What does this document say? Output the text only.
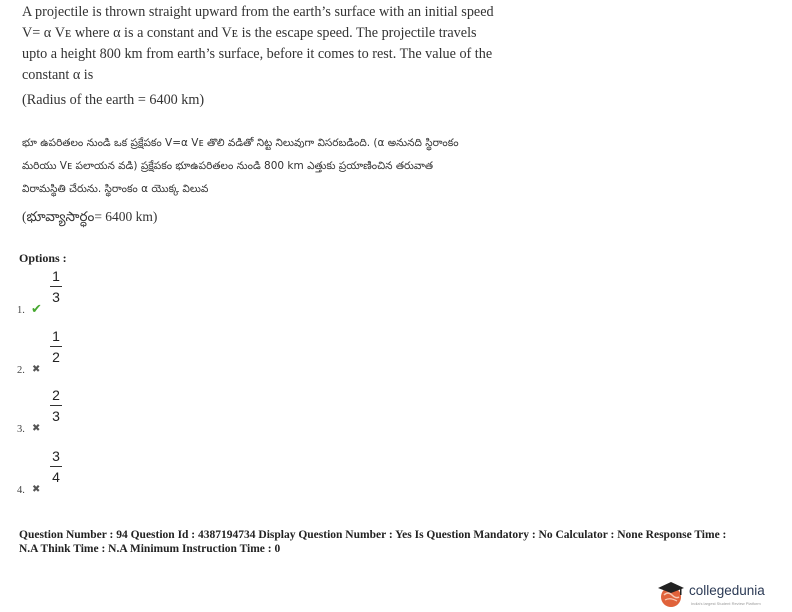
A projectile is thrown straight upward from the earth’s surface with an initial speed

V= α Vᴇ where α is a constant and Vᴇ is the escape speed. The projectile travels

upto a height 800 km from earth’s surface, before it comes to rest. The value of the

constant α is

(Radius of the earth = 6400 km)

భూ ఉపరితలం నుండి ఒక ప్రక్షేపకం V=α Vᴇ తొలి వడితో నిట్ట నిలువుగా విసరబడింది. (α అనునది స్థిరాంకం

మరియు Vᴇ పలాయన వడి) ప్రక్షేపకం భూఉపరితలం నుండి 800 km ఎత్తుకు ప్రయాణించిన తరువాత

విరామస్థితి చేరును. స్థిరాంకం α యొక్క విలువ

(భూవ్యాసార్ధం= 6400 km)

Options :
1. ✔
1
3
2. ✖
1
2
3. ✖
2
3
4. ✖
3
4
Question Number : 94 Question Id : 4387194734 Display Question Number : Yes Is Question Mandatory : No Calculator : None Response Time :
N.A Think Time : N.A Minimum Instruction Time : 0
collegedunia
India's largest Student Review Platform
